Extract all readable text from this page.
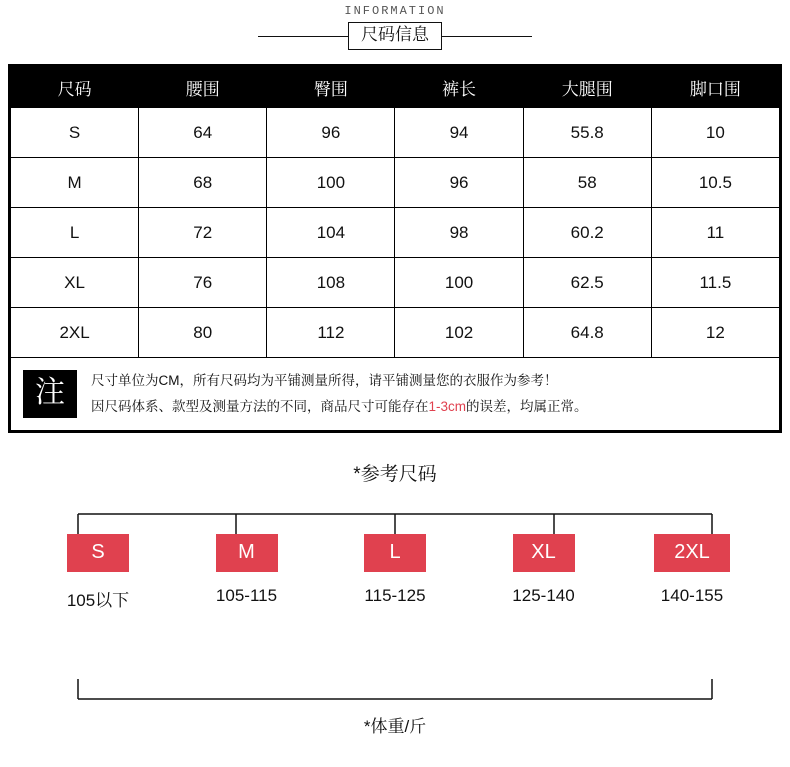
INFORMATION
尺码信息
尺码	腰围	臀围	裤长	大腿围	脚口围
S	64	96	94	55.8	10
M	68	100	96	58	10.5
L	72	104	98	60.2	11
XL	76	108	100	62.5	11.5
2XL	80	112	102	64.8	12

注 尺寸单位为CM，所有尺码均为平铺测量所得，请平铺测量您的衣服作为参考！
因尺码体系、款型及测量方法的不同，商品尺寸可能存在1-3cm的误差，均属正常。					
*参考尺码
S
105以下
M
105-115
L
115-125
XL
125-140
2XL
140-155
*体重/斤
